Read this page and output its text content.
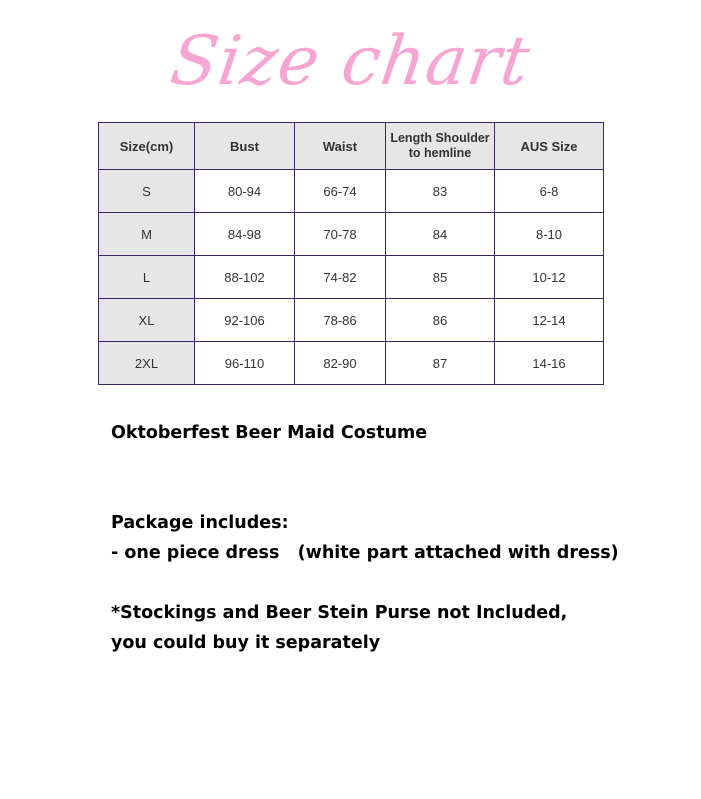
Size chart
Size(cm)	Bust	Waist	Length Shoulder to hemline	AUS Size
S	80-94	66-74	83	6-8
M	84-98	70-78	84	8-10
L	88-102	74-82	85	10-12
XL	92-106	78-86	86	12-14
2XL	96-110	82-90	87	14-16
Oktoberfest Beer Maid Costume
Package includes:
- one piece dress   (white part attached with dress)
*Stockings and Beer Stein Purse not Included,
you could buy it separately
